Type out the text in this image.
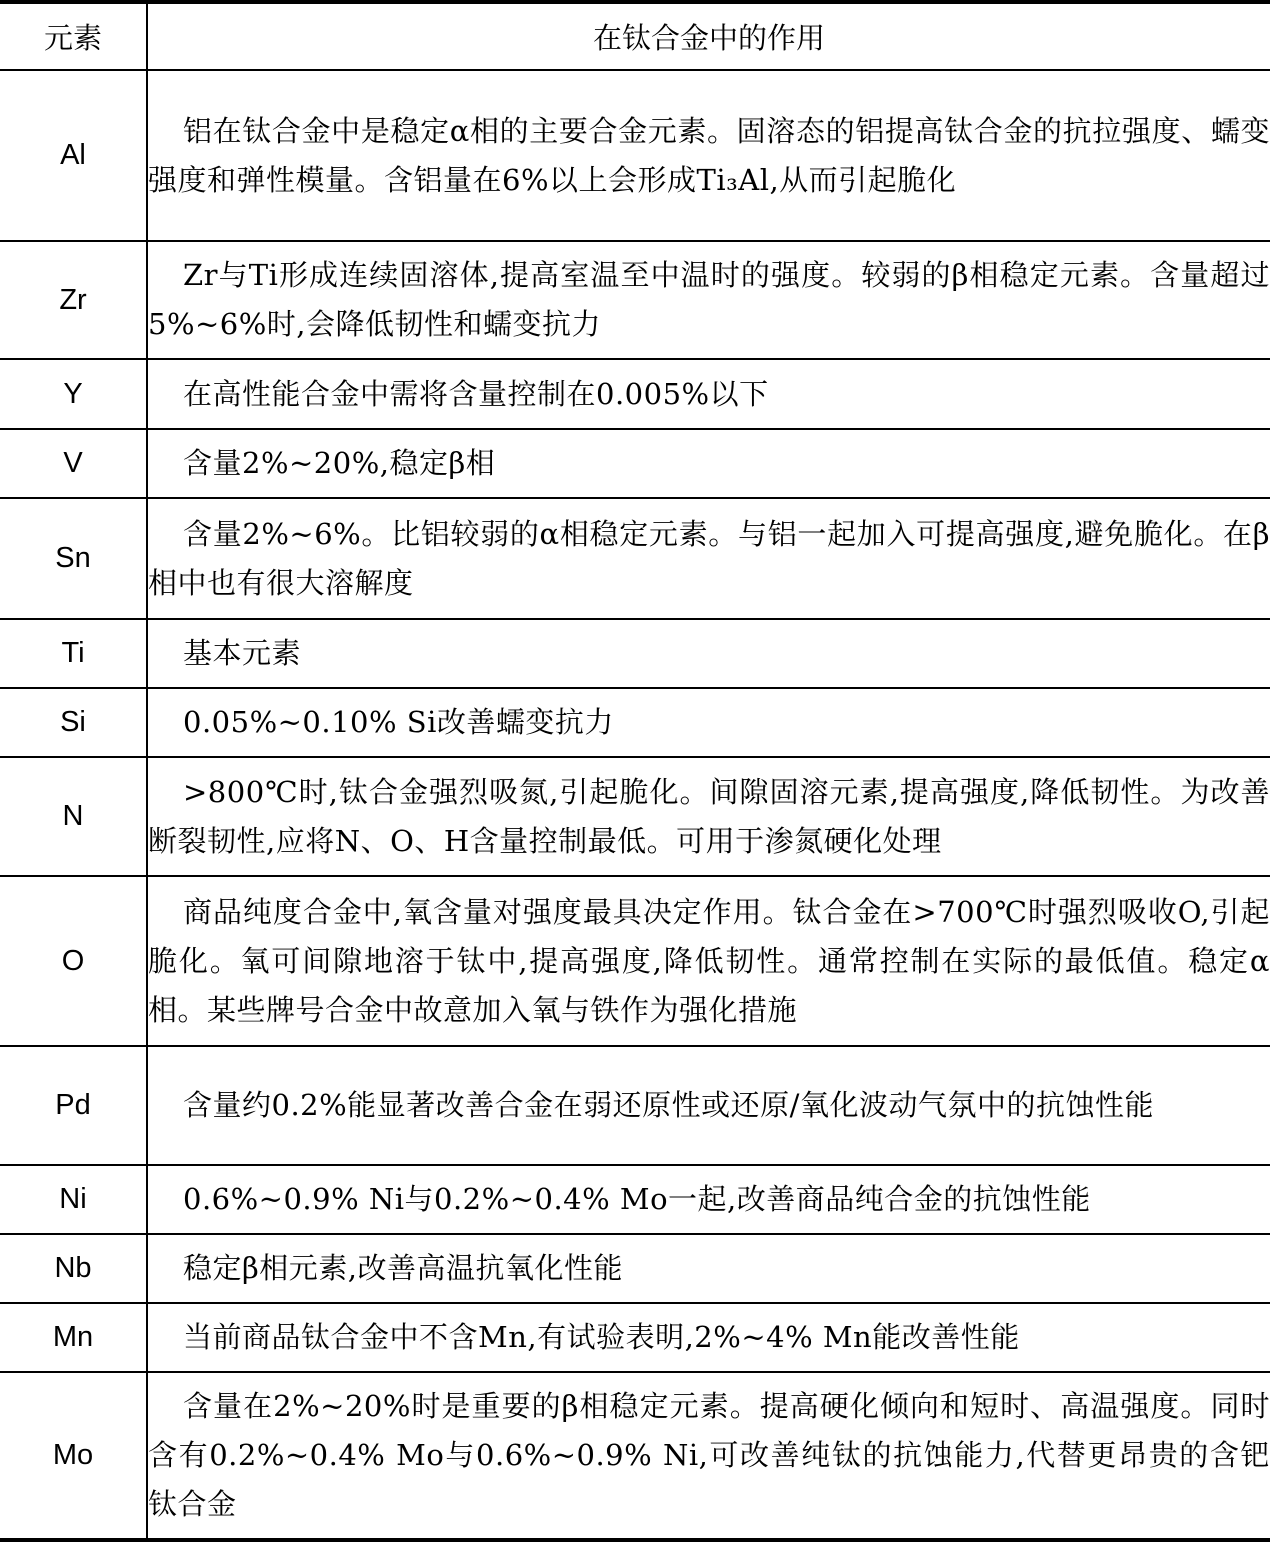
元素	在钛合金中的作用
Al	铝在钛合金中是稳定α相的主要合金元素。固溶态的铝提高钛合金的抗拉强度、蠕变强度和弹性模量。含铝量在6%以上会形成Ti₃Al,从而引起脆化
Zr	Zr与Ti形成连续固溶体,提高室温至中温时的强度。较弱的β相稳定元素。含量超过5%~6%时,会降低韧性和蠕变抗力
Y	在高性能合金中需将含量控制在0.005%以下
V	含量2%~20%,稳定β相
Sn	含量2%~6%。比铝较弱的α相稳定元素。与铝一起加入可提高强度,避免脆化。在β相中也有很大溶解度
Ti	基本元素
Si	0.05%~0.10% Si改善蠕变抗力
N	>800℃时,钛合金强烈吸氮,引起脆化。间隙固溶元素,提高强度,降低韧性。为改善断裂韧性,应将N、O、H含量控制最低。可用于渗氮硬化处理
O	商品纯度合金中,氧含量对强度最具决定作用。钛合金在>700℃时强烈吸收O,引起脆化。氧可间隙地溶于钛中,提高强度,降低韧性。通常控制在实际的最低值。稳定α相。某些牌号合金中故意加入氧与铁作为强化措施
Pd	含量约0.2%能显著改善合金在弱还原性或还原/氧化波动气氛中的抗蚀性能
Ni	0.6%~0.9% Ni与0.2%~0.4% Mo一起,改善商品纯合金的抗蚀性能
Nb	稳定β相元素,改善高温抗氧化性能
Mn	当前商品钛合金中不含Mn,有试验表明,2%~4% Mn能改善性能
Mo	含量在2%~20%时是重要的β相稳定元素。提高硬化倾向和短时、高温强度。同时含有0.2%~0.4% Mo与0.6%~0.9% Ni,可改善纯钛的抗蚀能力,代替更昂贵的含钯钛合金
